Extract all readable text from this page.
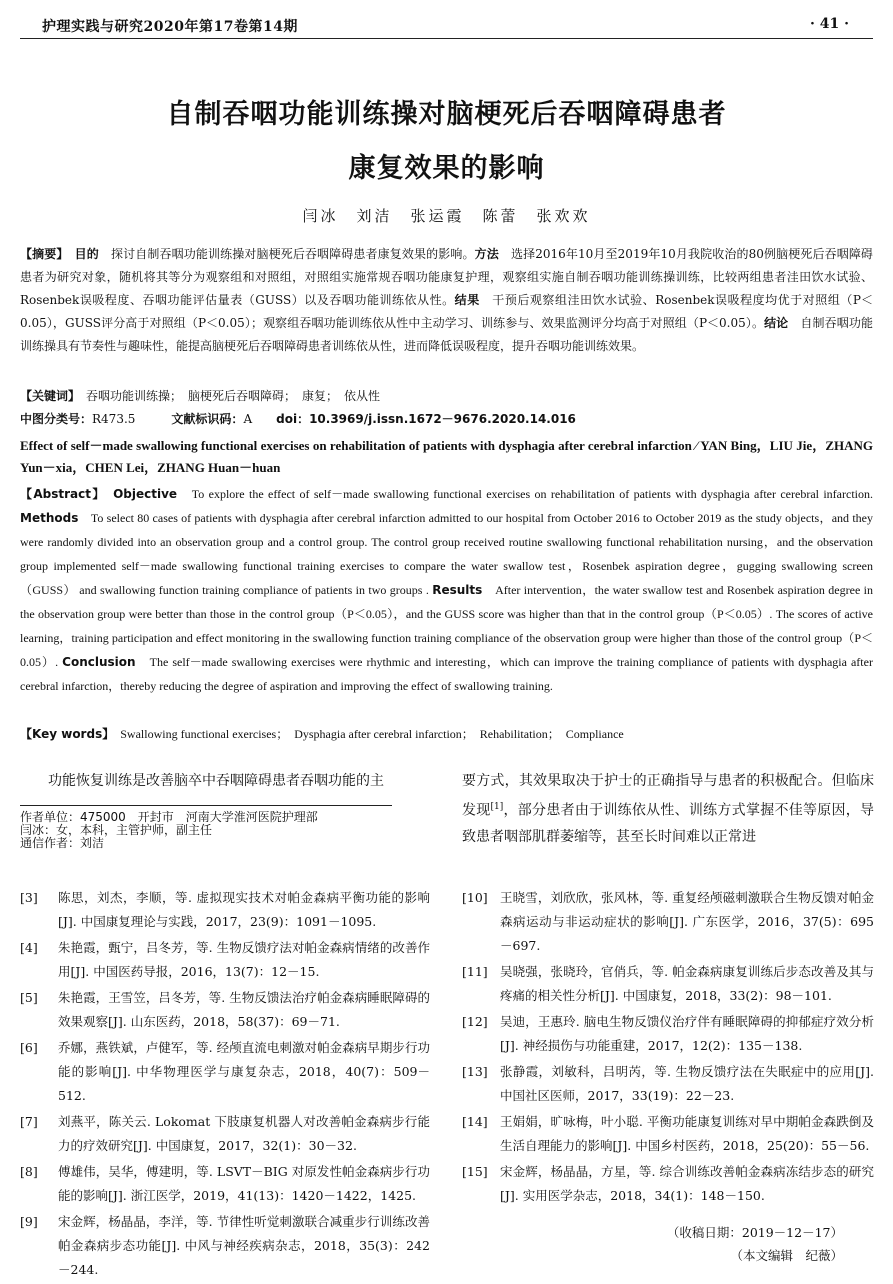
护理实践与研究2020年第17卷第14期	· 41 ·
自制吞咽功能训练操对脑梗死后吞咽障碍患者
康复效果的影响
闫冰　刘洁　张运霞　陈蕾　张欢欢
【摘要】　 目的　 探讨自制吞咽功能训练操对脑梗死后吞咽障碍患者康复效果的影响。方法　 选择2016年10月至2019年10月我院收治的80例脑梗死后吞咽障碍患者为研究对象，随机将其等分为观察组和对照组，对照组实施常规吞咽功能康复护理，观察组实施自制吞咽功能训练操训练，比较两组患者洼田饮水试验、Rosenbek误吸程度、吞咽功能评估量表（GUSS）以及吞咽功能训练依从性。结果　 干预后观察组洼田饮水试验、Rosenbek误吸程度均优于对照组（P＜0.05），GUSS评分高于对照组（P＜0.05）；观察组吞咽功能训练依从性中主动学习、训练参与、效果监测评分均高于对照组（P＜0.05）。结论　 自制吞咽功能训练操具有节奏性与趣味性，能提高脑梗死后吞咽障碍患者训练依从性，进而降低误吸程度，提升吞咽功能训练效果。
【关键词】　 吞咽功能训练操；　脑梗死后吞咽障碍；　康复；　依从性
中图分类号：R473.5　　　	文献标识码：A　　 doi：10.3969/j.issn.1672－9676.2020.14.016
Effect of self－made swallowing functional exercises on rehabilitation of patients with dysphagia after cerebral infarction ∕ YAN Bing，LIU Jie，ZHANG Yun－xia，CHEN Lei，ZHANG Huan－huan
【Abstract】　 Objective　 To explore the effect of self－made swallowing functional exercises on rehabilitation of patients with dysphagia after cerebral infarction. Methods　 To select 80 cases of patients with dysphagia after cerebral infarction admitted to our hospital from October 2016 to October 2019 as the study objects，and they were randomly divided into an observation group and a control group. The control group received routine swallowing functional rehabilitation nursing，and the observation group implemented self－made swallowing functional training exercises to compare the water swallow test，Rosenbek aspiration degree，gugging swallowing screen（GUSS） and swallowing function training compliance of patients in two groups . Results　 After intervention，the water swallow test and Rosenbek aspiration degree in the observation group were better than those in the control group（P＜0.05），and the GUSS score was higher than that in the control group（P＜0.05）. The scores of active learning，training participation and effect monitoring in the swallowing function training compliance of the observation group were higher than those of the control group（P＜0.05）. Conclusion　 The self－made swallowing exercises were rhythmic and interesting，which can improve the training compliance of patients with dysphagia after cerebral infarction，thereby reducing the degree of aspiration and improving the effect of swallowing training.
【Key words】　 Swallowing functional exercises；　Dysphagia after cerebral infarction；　Rehabilitation；　Compliance
　　功能恢复训练是改善脑卒中吞咽障碍患者吞咽功能的主
作者单位：475000　开封市　河南大学淮河医院护理部
闫冰：女，本科，主管护师，副主任
通信作者：刘洁
要方式，其效果取决于护士的正确指导与患者的积极配合。但临床发现[1]，部分患者由于训练依从性、训练方式掌握不佳等原因，导致患者咽部肌群萎缩等，甚至长时间难以正常进
[3]	陈思，刘杰，李顺，等. 虚拟现实技术对帕金森病平衡功能的影响[J]. 中国康复理论与实践，2017，23(9)：1091－1095.
[4]	朱艳霞，甄宁，吕冬芳，等. 生物反馈疗法对帕金森病情绪的改善作用[J]. 中国医药导报，2016，13(7)：12－15.
[5]	朱艳霞，王雪笠，吕冬芳，等. 生物反馈法治疗帕金森病睡眠障碍的效果观察[J]. 山东医药，2018，58(37)：69－71.
[6]	乔娜，燕铁斌，卢健军，等. 经颅直流电刺激对帕金森病早期步行功能的影响[J]. 中华物理医学与康复杂志，2018，40(7)：509－512.
[7]	刘燕平，陈关云. Lokomat 下肢康复机器人对改善帕金森病步行能力的疗效研究[J]. 中国康复，2017，32(1)：30－32.
[8]	傅雄伟，吴华，傅建明，等. LSVT－BIG 对原发性帕金森病步行功能的影响[J]. 浙江医学，2019，41(13)：1420－1422，1425.
[9]	宋金辉，杨晶晶，李洋，等. 节律性听觉刺激联合减重步行训练改善帕金森病步态功能[J]. 中风与神经疾病杂志，2018，35(3)：242－244.
[10] 王晓雪，刘欣欣，张风林，等. 重复经颅磁刺激联合生物反馈对帕金森病运动与非运动症状的影响[J]. 广东医学，2016，37(5)：695－697.
[11] 吴晓强，张晓玲，官俏兵，等. 帕金森病康复训练后步态改善及其与疼痛的相关性分析[J]. 中国康复，2018，33(2)：98－101.
[12] 吴迪，王惠玲. 脑电生物反馈仪治疗伴有睡眠障碍的抑郁症疗效分析[J]. 神经损伤与功能重建，2017，12(2)：135－138.
[13] 张静霞，刘敏科，吕明芮，等. 生物反馈疗法在失眠症中的应用[J]. 中国社区医师，2017，33(19)：22－23.
[14] 王娟娟，旷咏梅，叶小聪. 平衡功能康复训练对早中期帕金森跌倒及生活自理能力的影响[J]. 中国乡村医药，2018，25(20)：55－56.
[15] 宋金辉，杨晶晶，方星，等. 综合训练改善帕金森病冻结步态的研究[J]. 实用医学杂志，2018，34(1)：148－150.
（收稿日期：2019－12－17）
（本文编辑　纪薇）
